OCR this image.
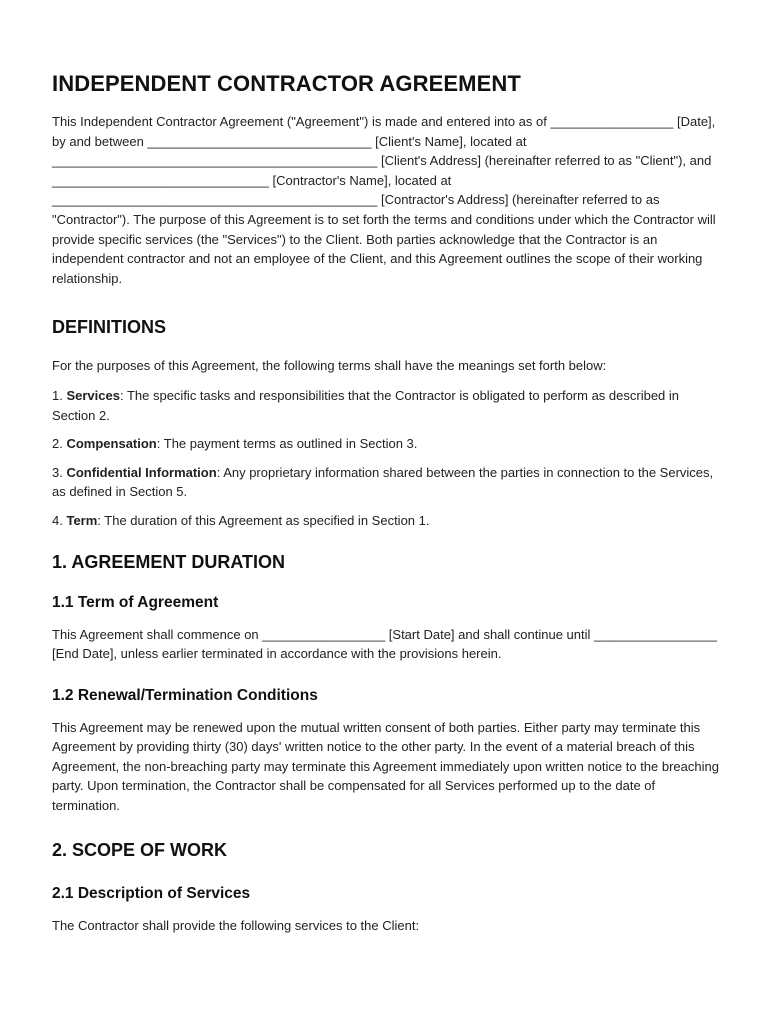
INDEPENDENT CONTRACTOR AGREEMENT

This Independent Contractor Agreement ("Agreement") is made and entered into as of _________________ [Date], by and between _______________________________ [Client's Name], located at _____________________________________________ [Client's Address] (hereinafter referred to as "Client"), and ______________________________ [Contractor's Name], located at _____________________________________________ [Contractor's Address] (hereinafter referred to as "Contractor"). The purpose of this Agreement is to set forth the terms and conditions under which the Contractor will provide specific services (the "Services") to the Client. Both parties acknowledge that the Contractor is an independent contractor and not an employee of the Client, and this Agreement outlines the scope of their working relationship.

DEFINITIONS

For the purposes of this Agreement, the following terms shall have the meanings set forth below:

1. Services: The specific tasks and responsibilities that the Contractor is obligated to perform as described in Section 2.

2. Compensation: The payment terms as outlined in Section 3.

3. Confidential Information: Any proprietary information shared between the parties in connection to the Services, as defined in Section 5.

4. Term: The duration of this Agreement as specified in Section 1.

1. AGREEMENT DURATION
1.1 Term of Agreement

This Agreement shall commence on _________________ [Start Date] and shall continue until _________________ [End Date], unless earlier terminated in accordance with the provisions herein.

1.2 Renewal/Termination Conditions

This Agreement may be renewed upon the mutual written consent of both parties. Either party may terminate this Agreement by providing thirty (30) days' written notice to the other party. In the event of a material breach of this Agreement, the non-breaching party may terminate this Agreement immediately upon written notice to the breaching party. Upon termination, the Contractor shall be compensated for all Services performed up to the date of termination.

2. SCOPE OF WORK
2.1 Description of Services

The Contractor shall provide the following services to the Client:
